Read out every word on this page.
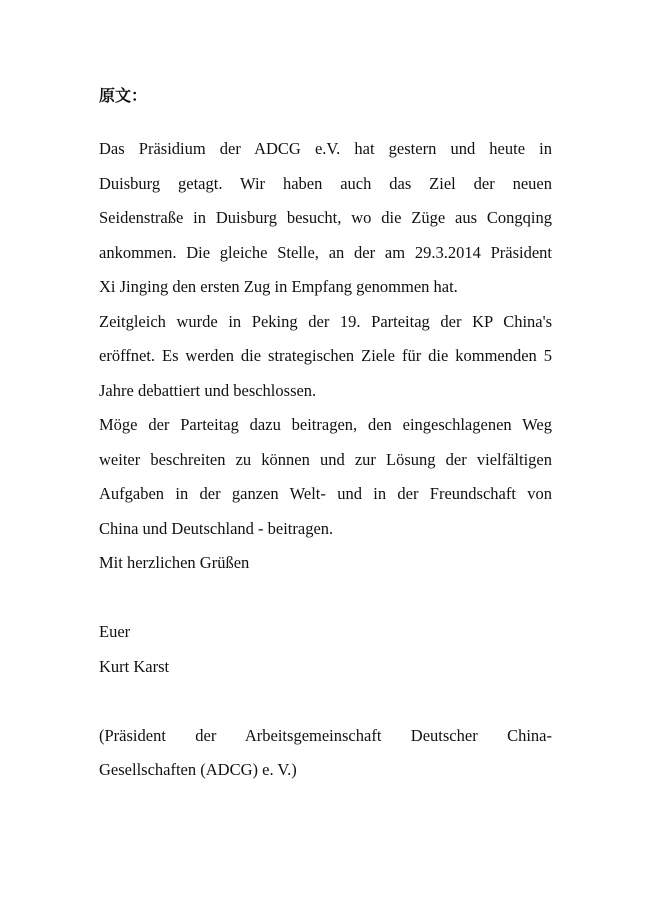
原文：
Das Präsidium der ADCG e.V. hat gestern und heute in
Duisburg getagt. Wir haben auch das Ziel der neuen
Seidenstraße in Duisburg besucht, wo die Züge aus Congqing
ankommen. Die gleiche Stelle, an der am 29.3.2014 Präsident
Xi Jinging den ersten Zug in Empfang genommen hat.
Zeitgleich wurde in Peking der 19. Parteitag der KP China's
eröffnet. Es werden die strategischen Ziele für die kommenden 5
Jahre debattiert und beschlossen.
Möge der Parteitag dazu beitragen, den eingeschlagenen Weg
weiter beschreiten zu können und zur Lösung der vielfältigen
Aufgaben in der ganzen Welt- und in der Freundschaft von
China und Deutschland - beitragen.
Mit herzlichen Grüßen
Euer
Kurt Karst
(Präsident der Arbeitsgemeinschaft Deutscher China-
Gesellschaften (ADCG) e. V.)
